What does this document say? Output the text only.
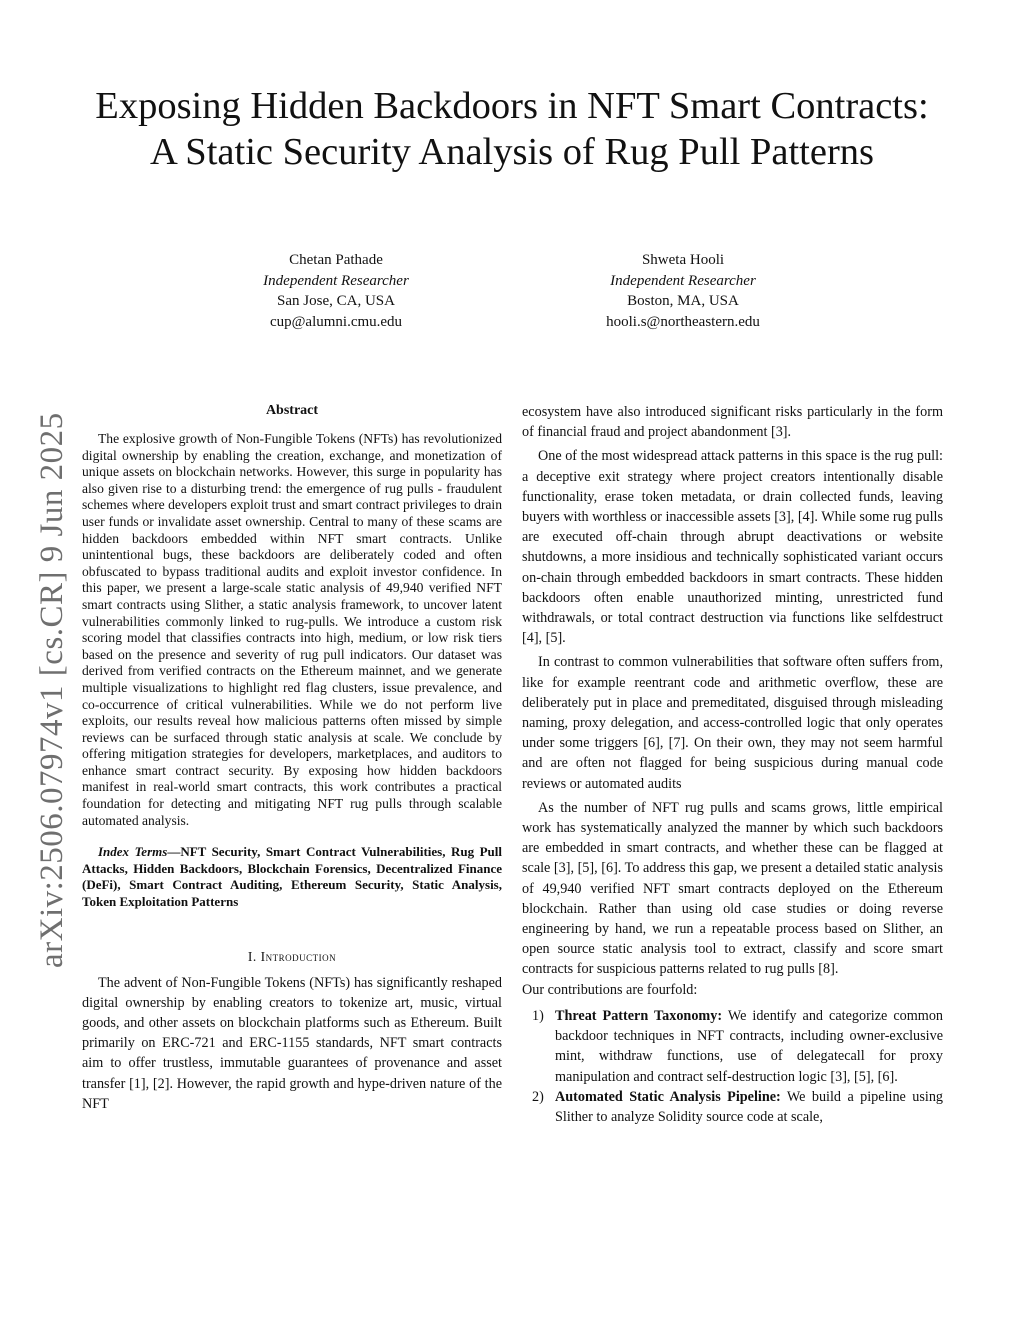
arXiv:2506.07974v1 [cs.CR] 9 Jun 2025
Exposing Hidden Backdoors in NFT Smart Contracts: A Static Security Analysis of Rug Pull Patterns
Chetan Pathade
Independent Researcher
San Jose, CA, USA
cup@alumni.cmu.edu
Shweta Hooli
Independent Researcher
Boston, MA, USA
hooli.s@northeastern.edu
Abstract

The explosive growth of Non-Fungible Tokens (NFTs) has revolutionized digital ownership by enabling the creation, exchange, and monetization of unique assets on blockchain networks. However, this surge in popularity has also given rise to a disturbing trend: the emergence of rug pulls - fraudulent schemes where developers exploit trust and smart contract privileges to drain user funds or invalidate asset ownership. Central to many of these scams are hidden backdoors embedded within NFT smart contracts. Unlike unintentional bugs, these backdoors are deliberately coded and often obfuscated to bypass traditional audits and exploit investor confidence. In this paper, we present a large-scale static analysis of 49,940 verified NFT smart contracts using Slither, a static analysis framework, to uncover latent vulnerabilities commonly linked to rug-pulls. We introduce a custom risk scoring model that classifies contracts into high, medium, or low risk tiers based on the presence and severity of rug pull indicators. Our dataset was derived from verified contracts on the Ethereum mainnet, and we generate multiple visualizations to highlight red flag clusters, issue prevalence, and co-occurrence of critical vulnerabilities. While we do not perform live exploits, our results reveal how malicious patterns often missed by simple reviews can be surfaced through static analysis at scale. We conclude by offering mitigation strategies for developers, marketplaces, and auditors to enhance smart contract security. By exposing how hidden backdoors manifest in real-world smart contracts, this work contributes a practical foundation for detecting and mitigating NFT rug pulls through scalable automated analysis.

Index Terms—NFT Security, Smart Contract Vulnerabilities, Rug Pull Attacks, Hidden Backdoors, Blockchain Forensics, Decentralized Finance (DeFi), Smart Contract Auditing, Ethereum Security, Static Analysis, Token Exploitation Patterns

I. Introduction

The advent of Non-Fungible Tokens (NFTs) has significantly reshaped digital ownership by enabling creators to tokenize art, music, virtual goods, and other assets on blockchain platforms such as Ethereum. Built primarily on ERC-721 and ERC-1155 standards, NFT smart contracts aim to offer trustless, immutable guarantees of provenance and asset transfer [1], [2]. However, the rapid growth and hype-driven nature of the NFT

ecosystem have also introduced significant risks particularly in the form of financial fraud and project abandonment [3].

One of the most widespread attack patterns in this space is the rug pull: a deceptive exit strategy where project creators intentionally disable functionality, erase token metadata, or drain collected funds, leaving buyers with worthless or inaccessible assets [3], [4]. While some rug pulls are executed off-chain through abrupt deactivations or website shutdowns, a more insidious and technically sophisticated variant occurs on-chain through embedded backdoors in smart contracts. These hidden backdoors often enable unauthorized minting, unrestricted fund withdrawals, or total contract destruction via functions like selfdestruct [4], [5].

In contrast to common vulnerabilities that software often suffers from, like for example reentrant code and arithmetic overflow, these are deliberately put in place and premeditated, disguised through misleading naming, proxy delegation, and access-controlled logic that only operates under some triggers [6], [7]. On their own, they may not seem harmful and are often not flagged for being suspicious during manual code reviews or automated audits

As the number of NFT rug pulls and scams grows, little empirical work has systematically analyzed the manner by which such backdoors are embedded in smart contracts, and whether these can be flagged at scale [3], [5], [6]. To address this gap, we present a detailed static analysis of 49,940 verified NFT smart contracts deployed on the Ethereum blockchain. Rather than using old case studies or doing reverse engineering by hand, we run a repeatable process based on Slither, an open source static analysis tool to extract, classify and score smart contracts for suspicious patterns related to rug pulls [8].

Our contributions are fourfold:

1) Threat Pattern Taxonomy: We identify and categorize common backdoor techniques in NFT contracts, including owner-exclusive mint, withdraw functions, use of delegatecall for proxy manipulation and contract self-destruction logic [3], [5], [6].
2) Automated Static Analysis Pipeline: We build a pipeline using Slither to analyze Solidity source code at scale,
